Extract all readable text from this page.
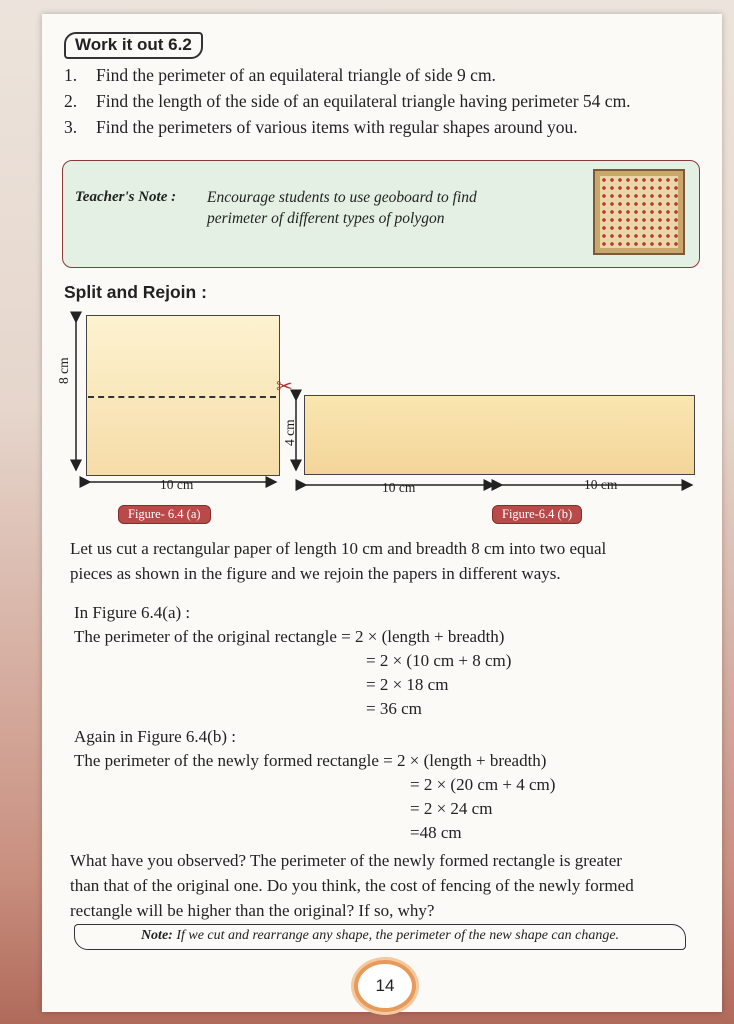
Work it out 6.2
1. Find the perimeter of an equilateral triangle of side 9 cm.
2. Find the length of the side of an equilateral triangle having perimeter 54 cm.
3. Find the perimeters of various items with regular shapes around you.
Teacher's Note : Encourage students to use geoboard to find
perimeter of different types of polygon
Split and Rejoin :
✂
8 cm
10 cm
4 cm
10 cm	10 cm
Figure- 6.4 (a)	Figure-6.4 (b)
Let us cut a rectangular paper of length 10 cm and breadth 8 cm into two equal
pieces as shown in the figure and we rejoin the papers in different ways.
In Figure 6.4(a) :
The perimeter of the original rectangle = 2 × (length + breadth)
= 2 × (10 cm + 8 cm)
= 2 × 18 cm
= 36 cm
Again in Figure 6.4(b) :
The perimeter of the newly formed rectangle = 2 × (length + breadth)
= 2 × (20 cm + 4 cm)
= 2 × 24 cm
=48 cm
What have you observed? The perimeter of the newly formed rectangle is greater
than that of the original one. Do you think, the cost of fencing of the newly formed
rectangle will be higher than the original? If so, why?
Note: If we cut and rearrange any shape, the perimeter of the new shape can change.
14
